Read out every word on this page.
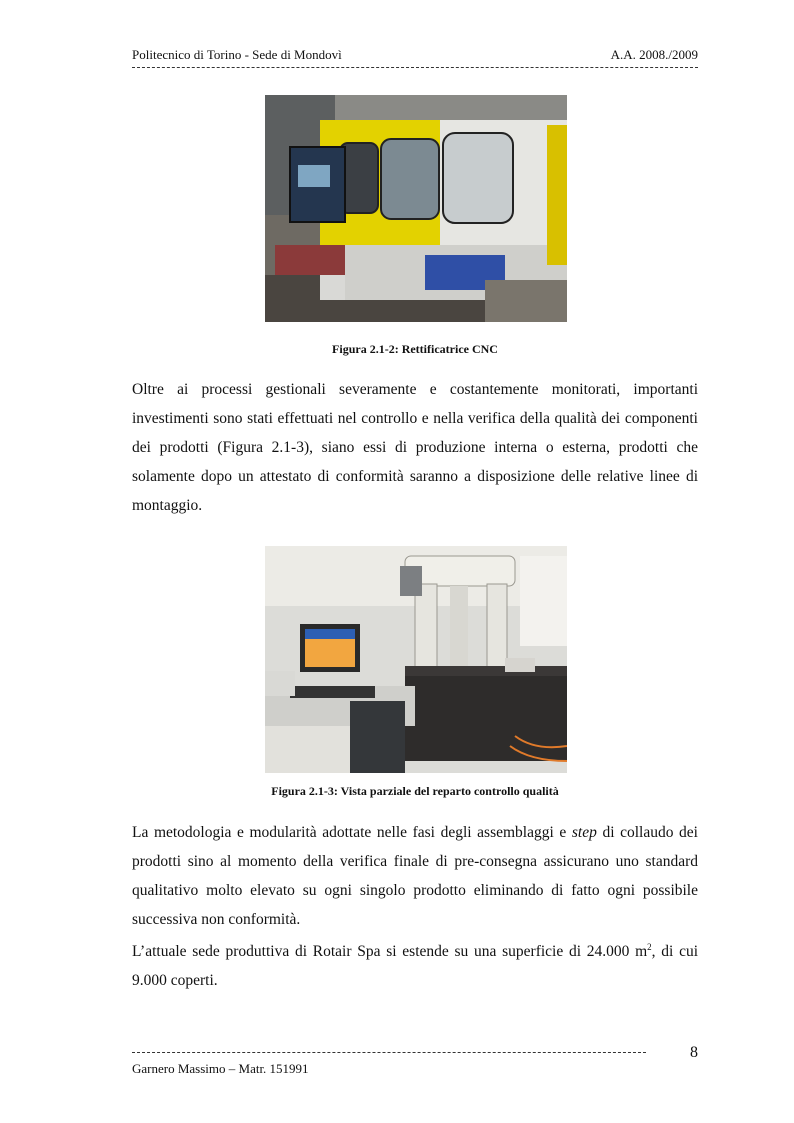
Politecnico di Torino - Sede di Mondovì	A.A. 2008./2009
Figura 2.1-2: Rettificatrice CNC

Oltre ai processi gestionali severamente e costantemente monitorati, importanti investimenti sono stati effettuati nel controllo e nella verifica della qualità dei componenti dei prodotti (Figura 2.1-3), siano essi di produzione interna o esterna, prodotti che solamente dopo un attestato di conformità saranno a disposizione delle relative linee di montaggio.

Figura 2.1-3: Vista parziale del reparto controllo qualità

La metodologia e modularità adottate nelle fasi degli assemblaggi e step di collaudo dei prodotti sino al momento della verifica finale di pre-consegna assicurano uno standard qualitativo molto elevato su ogni singolo prodotto eliminando di fatto ogni possibile successiva non conformità.

L’attuale sede produttiva di Rotair Spa si estende su una superficie di 24.000 $m^2$, di cui 9.000 coperti.

8
Garnero Massimo – Matr. 151991
